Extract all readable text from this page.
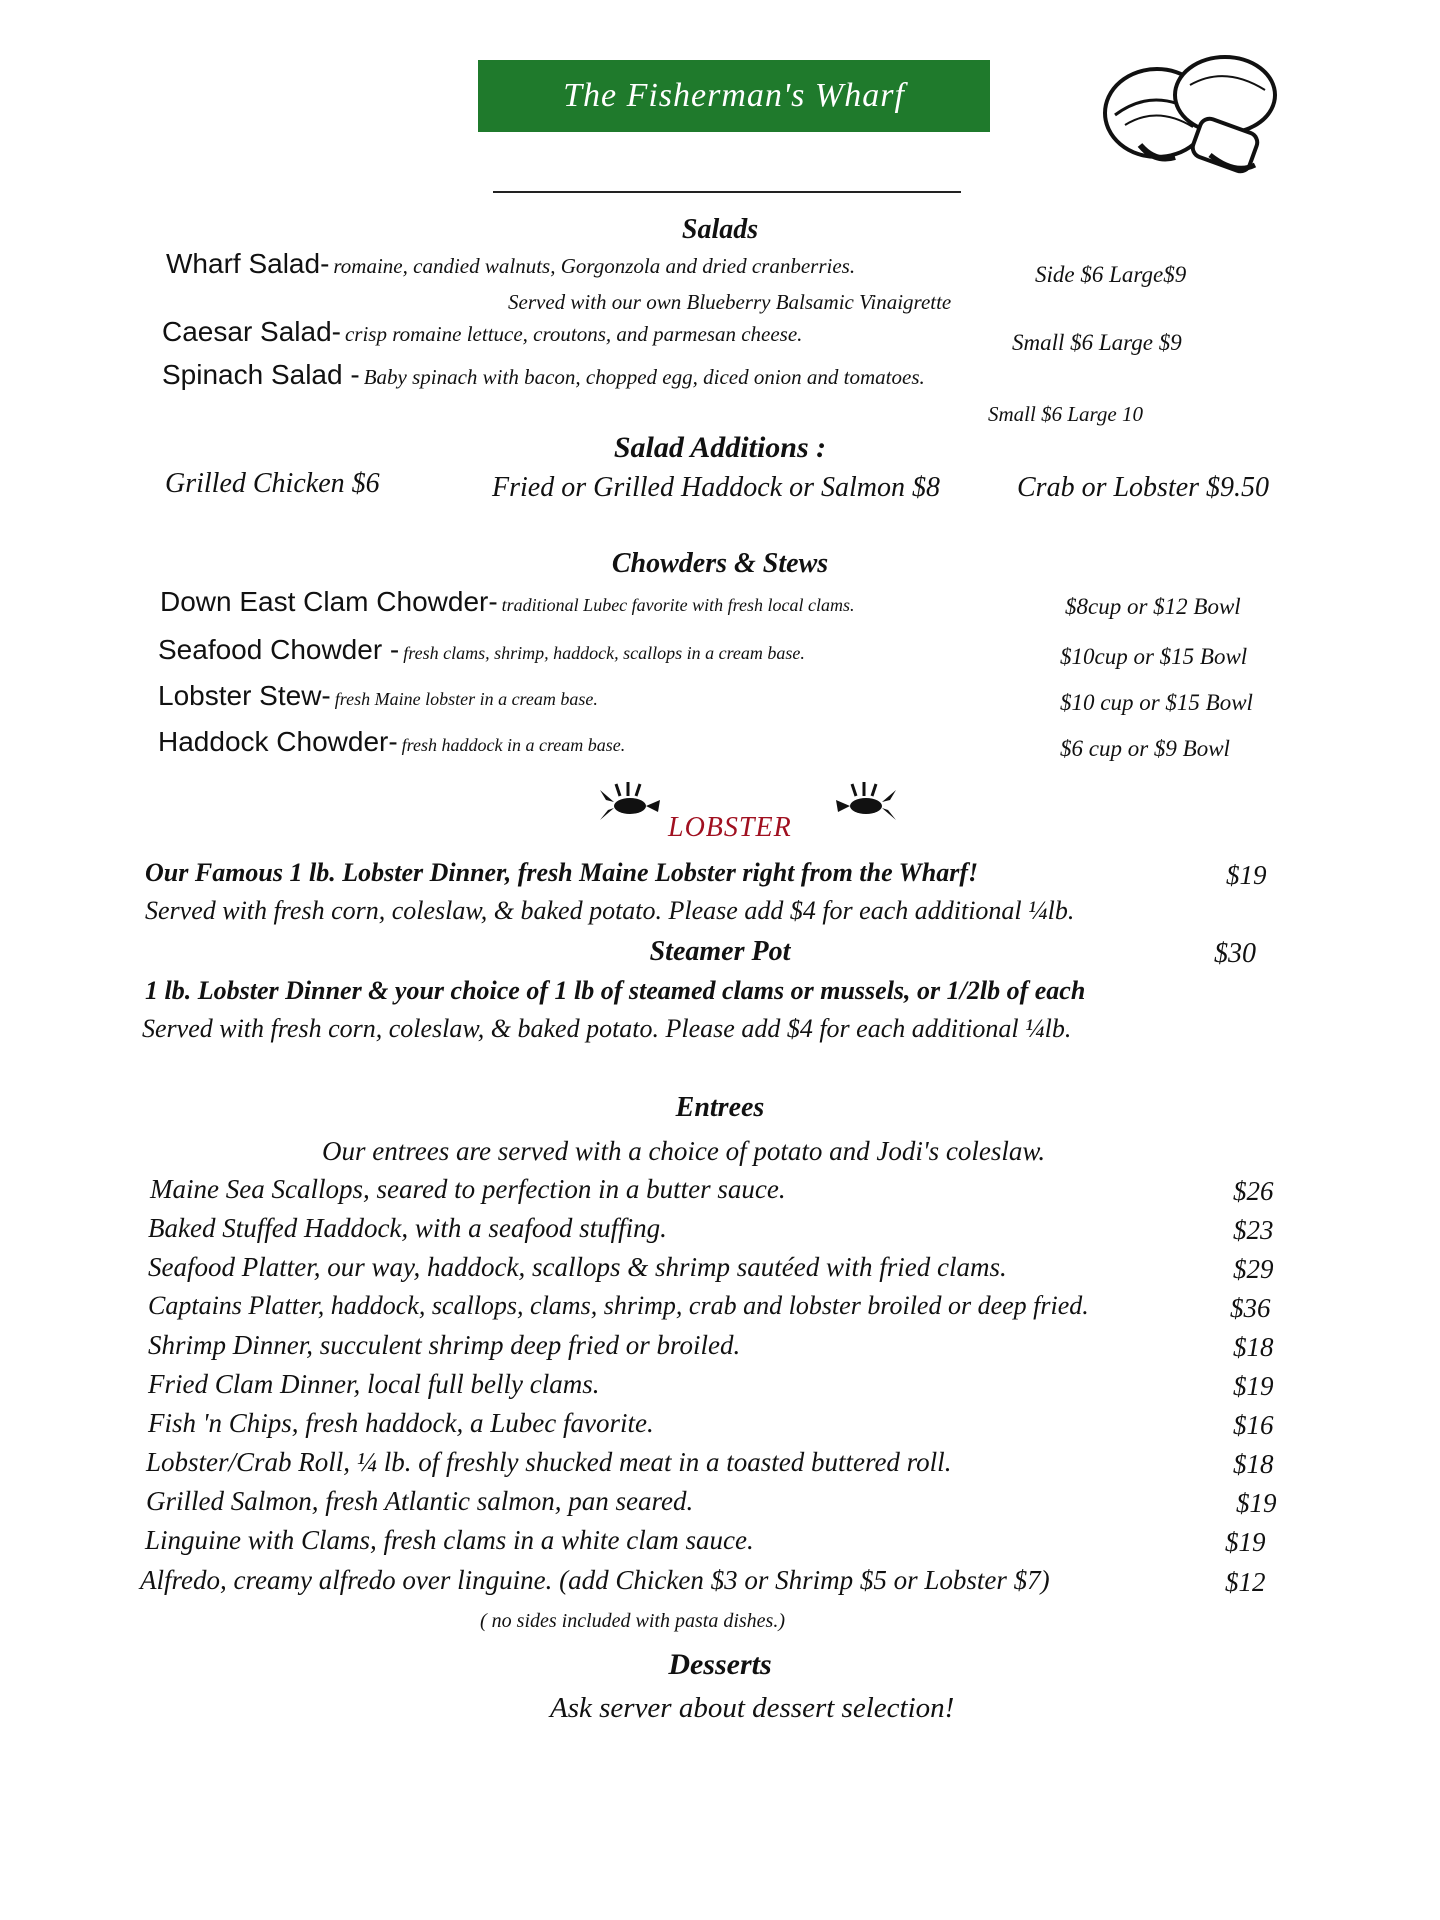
The Fisherman's Wharf
Salads
Wharf Salad- romaine, candied walnuts, Gorgonzola and dried cranberries.	Side $6 Large$9
Served with our own Blueberry Balsamic Vinaigrette
Caesar Salad- crisp romaine lettuce, croutons, and parmesan cheese.	Small $6 Large $9
Spinach Salad - Baby spinach with bacon, chopped egg, diced onion and tomatoes.
Small $6 Large 10
Salad Additions :
Grilled Chicken $6	Fried or Grilled Haddock or Salmon $8	Crab or Lobster $9.50
Chowders & Stews
Down East Clam Chowder- traditional Lubec favorite with fresh local clams.	$8cup or $12 Bowl
Seafood Chowder - fresh clams, shrimp, haddock, scallops in a cream base.	$10cup or $15 Bowl
Lobster Stew- fresh Maine lobster in a cream base.	$10 cup or $15 Bowl
Haddock Chowder- fresh haddock in a cream base.	$6 cup or $9 Bowl
LOBSTER
Our Famous 1 lb. Lobster Dinner, fresh Maine Lobster right from the Wharf!	$19
Served with fresh corn, coleslaw, & baked potato. Please add $4 for each additional ¼lb.
Steamer Pot	$30
1 lb. Lobster Dinner & your choice of 1 lb of steamed clams or mussels, or 1/2lb of each
Served with fresh corn, coleslaw, & baked potato. Please add $4 for each additional ¼lb.
Entrees
Our entrees are served with a choice of potato and Jodi's coleslaw.
Maine Sea Scallops, seared to perfection in a butter sauce.	$26
Baked Stuffed Haddock, with a seafood stuffing.	$23
Seafood Platter, our way, haddock, scallops & shrimp sautéed with fried clams.	$29
Captains Platter, haddock, scallops, clams, shrimp, crab and lobster broiled or deep fried.	$36
Shrimp Dinner, succulent shrimp deep fried or broiled.	$18
Fried Clam Dinner, local full belly clams.	$19
Fish 'n Chips, fresh haddock, a Lubec favorite.	$16
Lobster/Crab Roll, ¼ lb. of freshly shucked meat in a toasted buttered roll.	$18
Grilled Salmon, fresh Atlantic salmon, pan seared.	$19
Linguine with Clams, fresh clams in a white clam sauce.	$19
Alfredo, creamy alfredo over linguine. (add Chicken $3 or Shrimp $5 or Lobster $7)	$12
( no sides included with pasta dishes.)
Desserts
Ask server about dessert selection!
